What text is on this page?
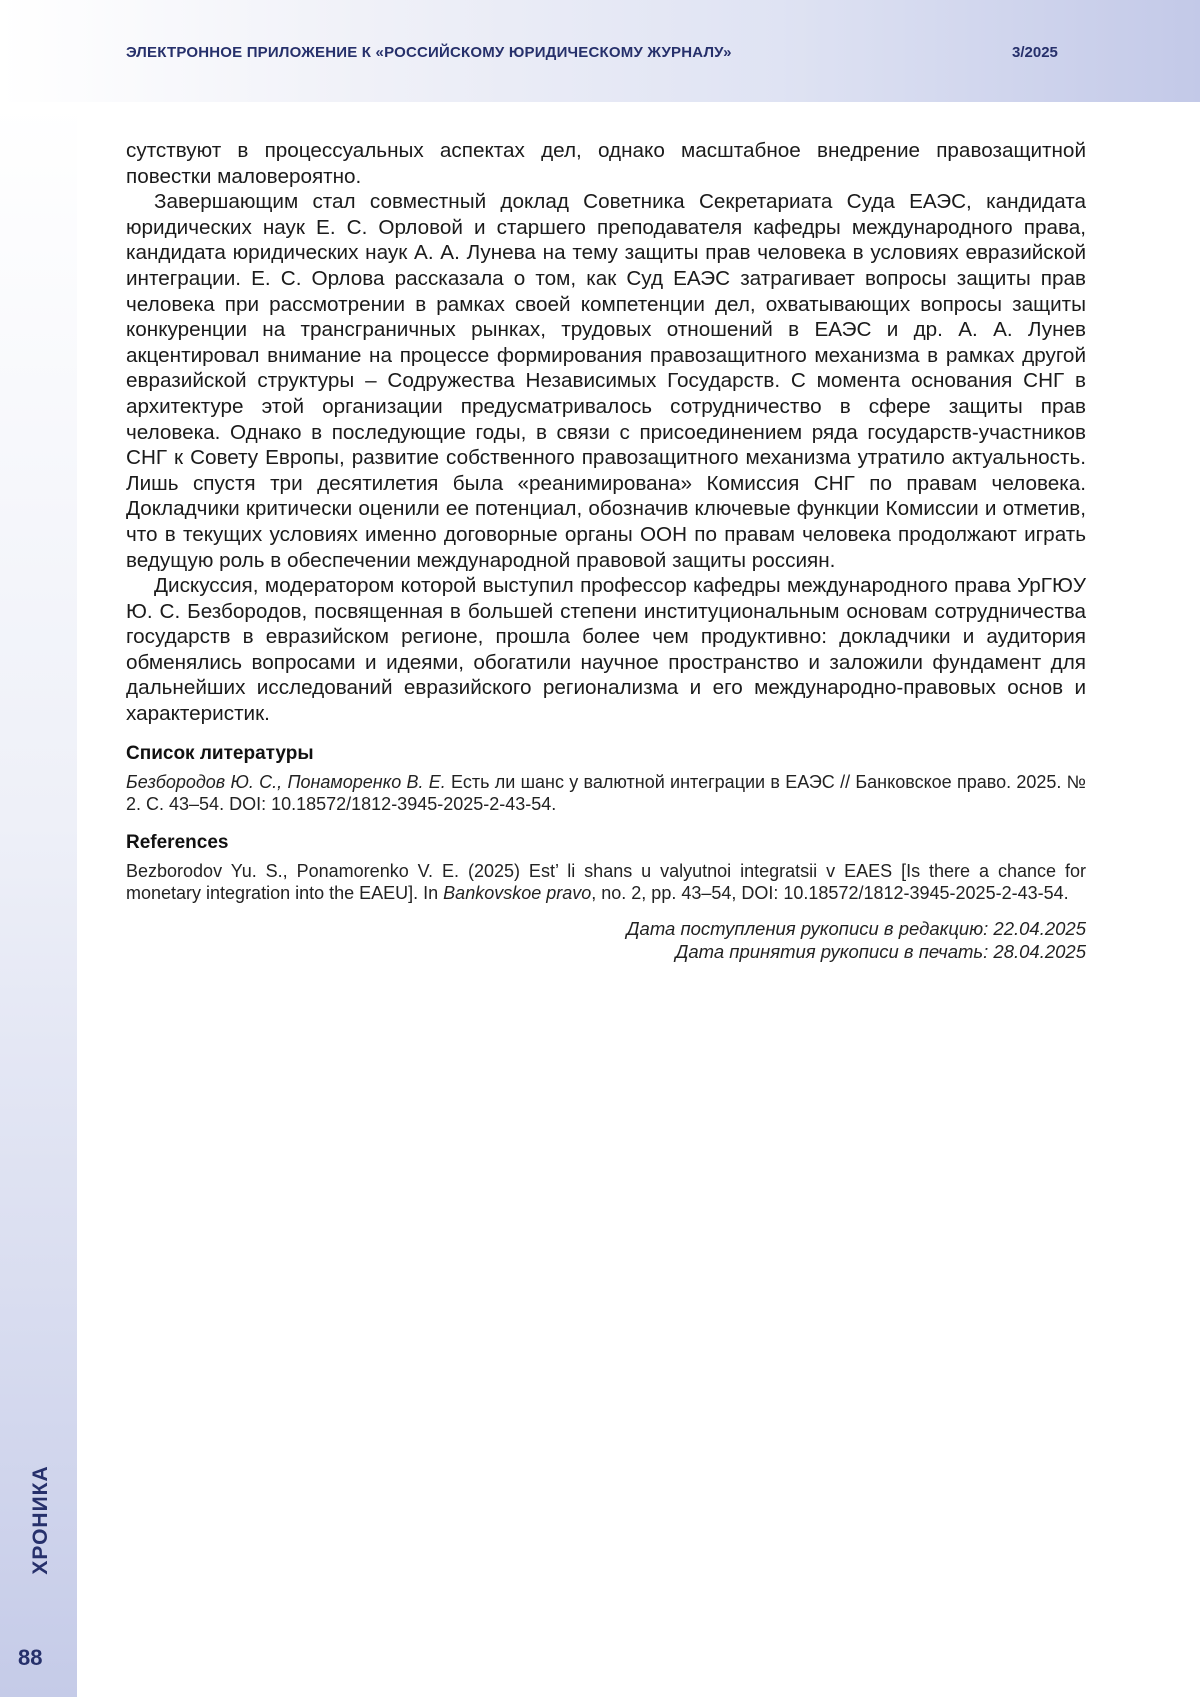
ЭЛЕКТРОННОЕ ПРИЛОЖЕНИЕ К «РОССИЙСКОМУ ЮРИДИЧЕСКОМУ ЖУРНАЛУ»	3/2025
ХРОНИКА
88

сутствуют в процессуальных аспектах дел, однако масштабное внедрение правозащитной повестки маловероятно.

Завершающим стал совместный доклад Советника Секретариата Суда ЕАЭС, кандидата юридических наук Е. С. Орловой и старшего преподавателя кафедры международного права, кандидата юридических наук А. А. Лунева на тему защиты прав человека в условиях евразийской интеграции. Е. С. Орлова рассказала о том, как Суд ЕАЭС затрагивает вопросы защиты прав человека при рассмотрении в рамках своей компетенции дел, охватывающих вопросы защиты конкуренции на трансграничных рынках, трудовых отношений в ЕАЭС и др. А. А. Лунев акцентировал внимание на процессе формирования правозащитного механизма в рамках другой евразийской структуры – Содружества Независимых Государств. С момента основания СНГ в архитектуре этой организации предусматривалось сотрудничество в сфере защиты прав человека. Однако в последующие годы, в связи с присоединением ряда государств-участников СНГ к Совету Европы, развитие собственного правозащитного механизма утратило актуальность. Лишь спустя три десятилетия была «реанимирована» Комиссия СНГ по правам человека. Докладчики критически оценили ее потенциал, обозначив ключевые функции Комиссии и отметив, что в текущих условиях именно договорные органы ООН по правам человека продолжают играть ведущую роль в обеспечении международной правовой защиты россиян.

Дискуссия, модератором которой выступил профессор кафедры международного права УрГЮУ Ю. С. Безбородов, посвященная в большей степени институциональным основам сотрудничества государств в евразийском регионе, прошла более чем продуктивно: докладчики и аудитория обменялись вопросами и идеями, обогатили научное пространство и заложили фундамент для дальнейших исследований евразийского регионализма и его международно-правовых основ и характеристик.

Список литературы

Безбородов Ю. С., Понаморенко В. Е. Есть ли шанс у валютной интеграции в ЕАЭС // Банковское право. 2025. № 2. С. 43–54. DOI: 10.18572/1812-3945-2025-2-43-54.

References

Bezborodov Yu. S., Ponamorenko V. E. (2025) Est’ li shans u valyutnoi integratsii v EAES [Is there a chance for monetary integration into the EAEU]. In Bankovskoe pravo, no. 2, pp. 43–54, DOI: 10.18572/1812-3945-2025-2-43-54.

Дата поступления рукописи в редакцию: 22.04.2025
Дата принятия рукописи в печать: 28.04.2025
